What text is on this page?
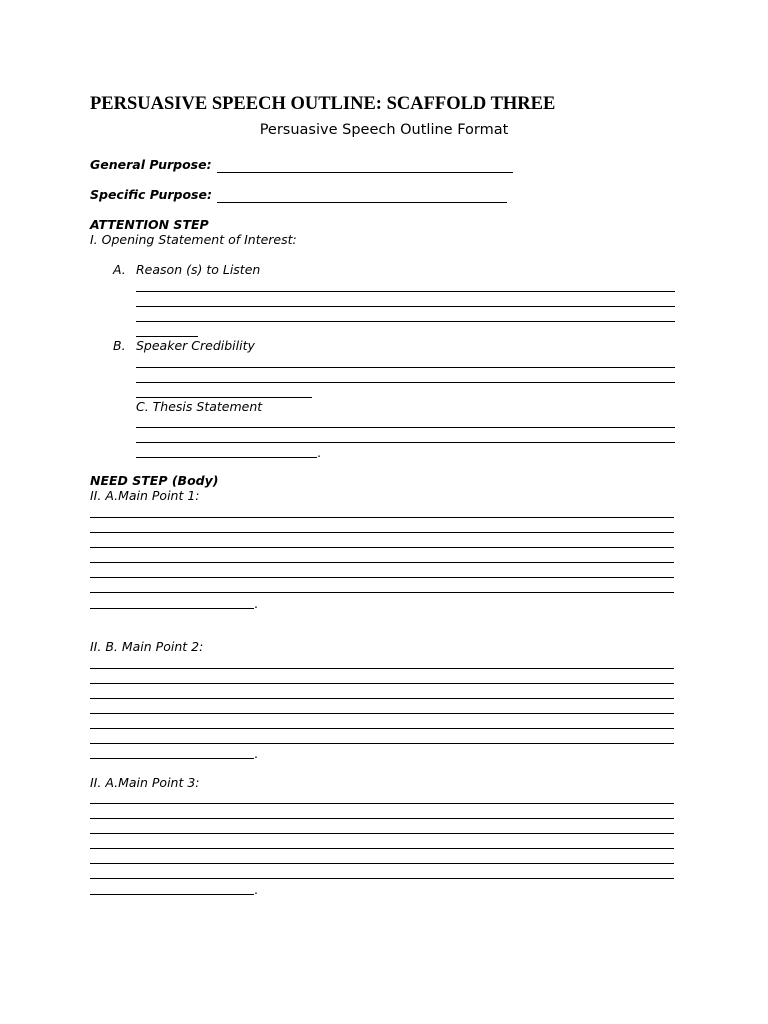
PERSUASIVE SPEECH OUTLINE: SCAFFOLD THREE
Persuasive Speech Outline Format
General Purpose:
Specific Purpose:
ATTENTION STEP
I. Opening Statement of Interest:
A. Reason (s) to Listen
B. Speaker Credibility
C. Thesis Statement
.
NEED STEP (Body)
II. A.Main Point 1:
.
II. B. Main Point 2:
.
II. A.Main Point 3:
.
